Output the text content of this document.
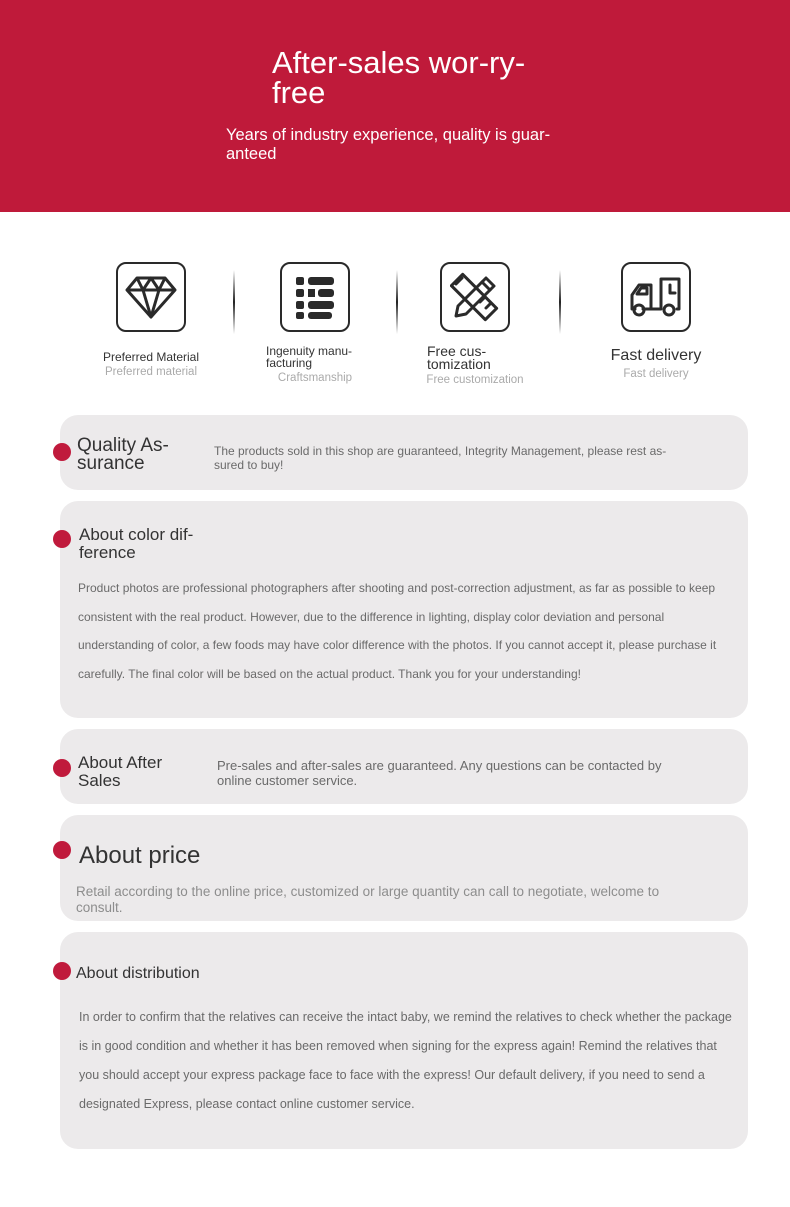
After-sales wor-ry-free
Years of industry experience, quality is guar-anteed
Preferred Material
Preferred material
Ingenuity manu-facturing
Craftsmanship
Free cus-tomization
Free customization
Fast delivery
Fast delivery
Quality As-surance
The products sold in this shop are guaranteed, Integrity Management, please rest as-sured to buy!
About color dif-ference
Product photos are professional photographers after shooting and post-correction adjustment, as far as possible to keep consistent with the real product. However, due to the difference in lighting, display color deviation and personal understanding of color, a few foods may have color difference with the photos. If you cannot accept it, please purchase it carefully. The final color will be based on the actual product. Thank you for your understanding!
About After Sales
Pre-sales and after-sales are guaranteed. Any questions can be contacted by online customer service.
About price
Retail according to the online price, customized or large quantity can call to negotiate, welcome to consult.
About distribution
In order to confirm that the relatives can receive the intact baby, we remind the relatives to check whether the package is in good condition and whether it has been removed when signing for the express again! Remind the relatives that you should accept your express package face to face with the express! Our default delivery, if you need to send a designated Express, please contact online customer service.
